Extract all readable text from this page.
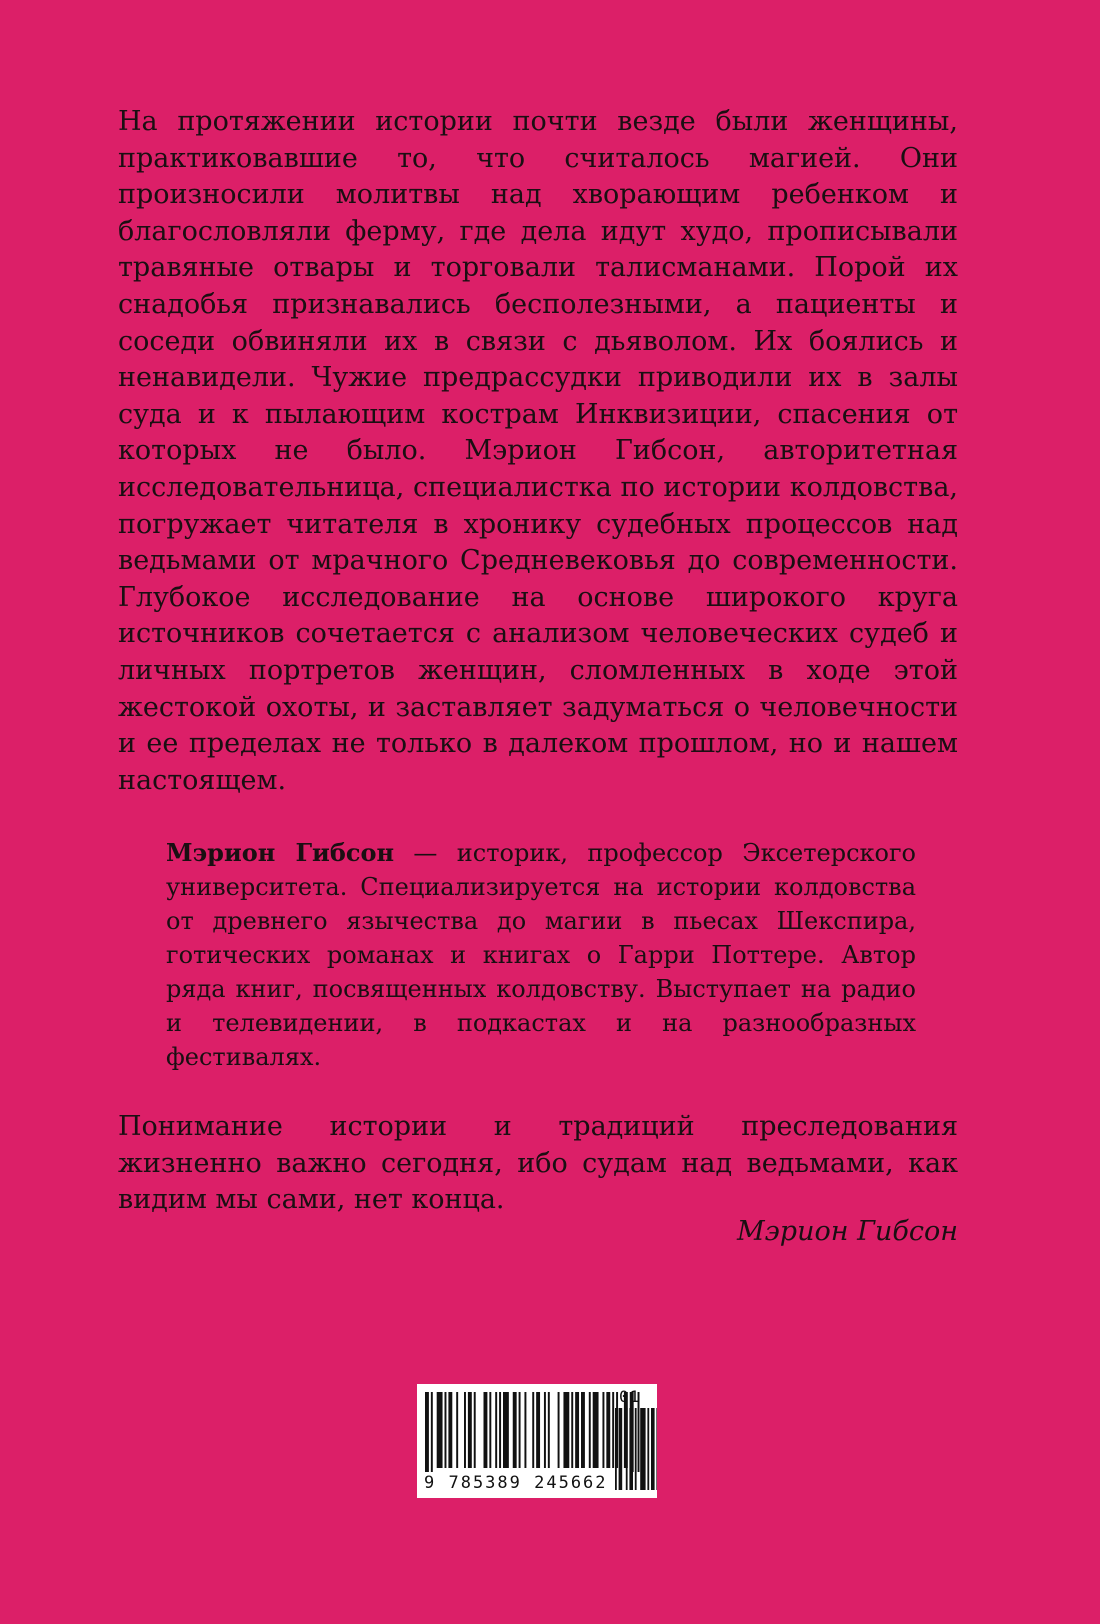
На протяжении истории почти везде были женщины, практиковавшие то, что считалось магией. Они произносили молитвы над хворающим ребенком и благословляли ферму, где дела идут худо, прописывали травяные отвары и торговали талисманами. Порой их снадобья признавались бесполезными, а пациенты и соседи обвиняли их в связи с дьяволом. Их боялись и ненавидели. Чужие предрассудки приводили их в залы суда и к пылающим кострам Инквизиции, спасения от которых не было. Мэрион Гибсон, авторитетная исследовательница, специалистка по истории колдовства, погружает читателя в хронику судебных процессов над ведьмами от мрачного Средневековья до современности. Глубокое исследование на основе широкого круга источников сочетается с анализом человеческих судеб и личных портретов женщин, сломленных в ходе этой жестокой охоты, и заставляет задуматься о человечности и ее пределах не только в далеком прошлом, но и нашем настоящем.

Мэрион Гибсон — историк, профессор Эксетерского университета. Специализируется на истории колдовства от древнего язычества до магии в пьесах Шекспира, готических романах и книгах о Гарри Поттере. Автор ряда книг, посвященных колдовству. Выступает на радио и телевидении, в подкастах и на разнообразных фестивалях.

Понимание истории и традиций преследования жизненно важно сегодня, ибо судам над ведьмами, как видим мы сами, нет конца.

Мэрион Гибсон

9 785389 245662
01
